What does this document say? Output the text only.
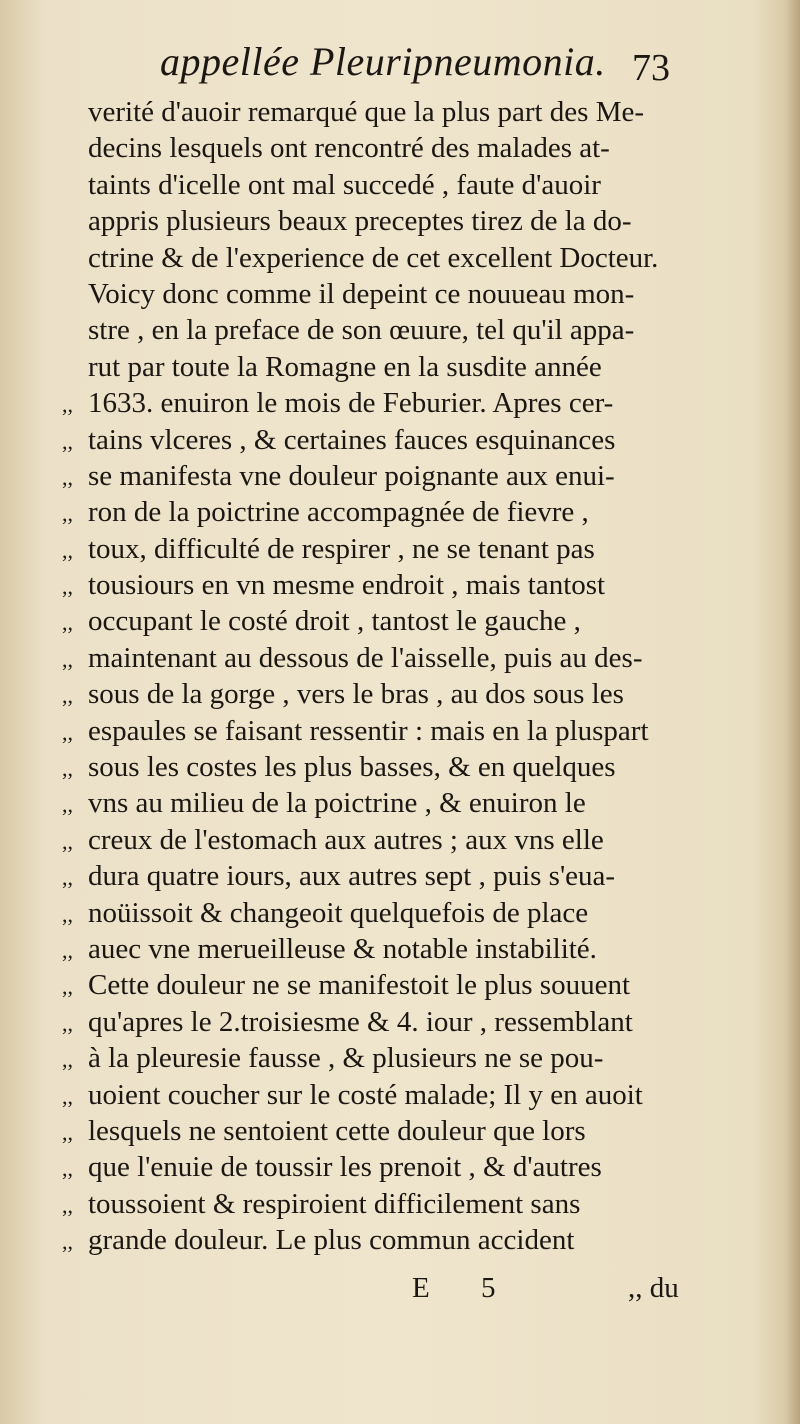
appellée Pleuripneumonia. 73
verité d'auoir remarqué que la plus part des Me-
decins lesquels ont rencontré des malades at-
taints d'icelle ont mal succedé , faute d'auoir
appris plusieurs beaux preceptes tirez de la do-
ctrine & de l'experience de cet excellent Docteur.
Voicy donc comme il depeint ce nouueau mon-
stre , en la preface de son œuure, tel qu'il appa-
rut par toute la Romagne en la susdite année
,, 1633. enuiron le mois de Feburier. Apres cer-
,, tains vlceres , & certaines fauces esquinances
,, se manifesta vne douleur poignante aux enui-
,, ron de la poictrine accompagnée de fievre ,
,, toux, difficulté de respirer , ne se tenant pas
,, tousiours en vn mesme endroit , mais tantost
,, occupant le costé droit , tantost le gauche ,
,, maintenant au dessous de l'aisselle, puis au des-
,, sous de la gorge , vers le bras , au dos sous les
,, espaules se faisant ressentir : mais en la pluspart
,, sous les costes les plus basses, & en quelques
,, vns au milieu de la poictrine , & enuiron le
,, creux de l'estomach aux autres ; aux vns elle
,, dura quatre iours, aux autres sept , puis s'eua-
,, noüissoit & changeoit quelquefois de place
,, auec vne merueilleuse & notable instabilité.
,, Cette douleur ne se manifestoit le plus souuent
,, qu'apres le 2.troisiesme & 4. iour , ressemblant
,, à la pleuresie fausse , & plusieurs ne se pou-
,, uoient coucher sur le costé malade; Il y en auoit
,, lesquels ne sentoient cette douleur que lors
,, que l'enuie de toussir les prenoit , & d'autres
,, toussoient & respiroient difficilement sans
,, grande douleur. Le plus commun accident
E 5	,, du
